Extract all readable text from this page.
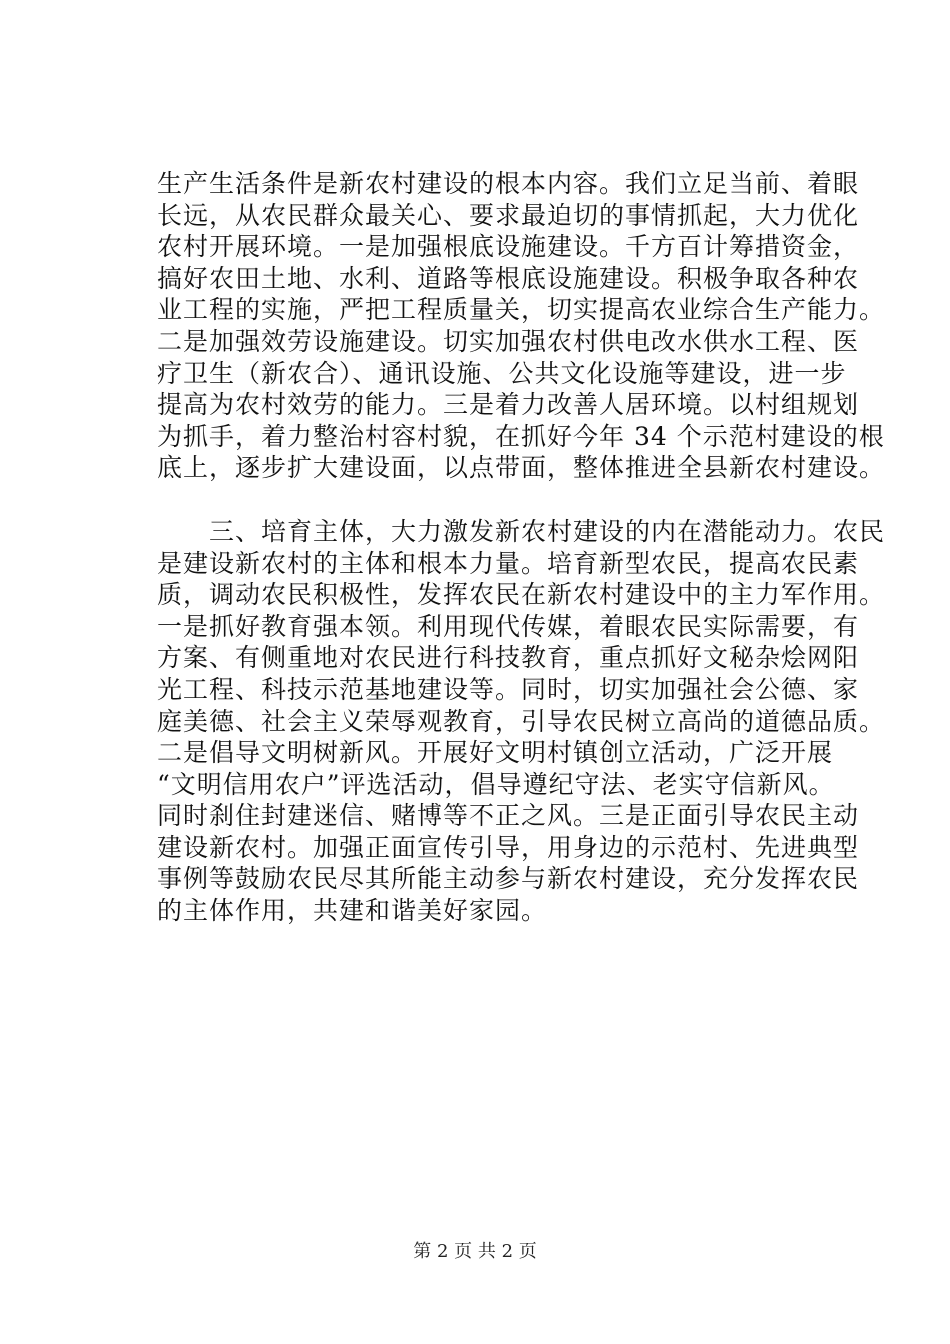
生产生活条件是新农村建设的根本内容。我们立足当前、着眼
长远，从农民群众最关心、要求最迫切的事情抓起，大力优化
农村开展环境。一是加强根底设施建设。千方百计筹措资金，
搞好农田土地、水利、道路等根底设施建设。积极争取各种农
业工程的实施，严把工程质量关，切实提高农业综合生产能力。
二是加强效劳设施建设。切实加强农村供电改水供水工程、医
疗卫生（新农合）、通讯设施、公共文化设施等建设，进一步
提高为农村效劳的能力。三是着力改善人居环境。以村组规划
为抓手，着力整治村容村貌，在抓好今年 34 个示范村建设的根
底上，逐步扩大建设面，以点带面，整体推进全县新农村建设。
　　三、培育主体，大力激发新农村建设的内在潜能动力。农民
是建设新农村的主体和根本力量。培育新型农民，提高农民素
质，调动农民积极性，发挥农民在新农村建设中的主力军作用。
一是抓好教育强本领。利用现代传媒，着眼农民实际需要，有
方案、有侧重地对农民进行科技教育，重点抓好文秘杂烩网阳
光工程、科技示范基地建设等。同时，切实加强社会公德、家
庭美德、社会主义荣辱观教育，引导农民树立高尚的道德品质。
二是倡导文明树新风。开展好文明村镇创立活动，广泛开展
“文明信用农户”评选活动，倡导遵纪守法、老实守信新风。
同时刹住封建迷信、赌博等不正之风。三是正面引导农民主动
建设新农村。加强正面宣传引导，用身边的示范村、先进典型
事例等鼓励农民尽其所能主动参与新农村建设，充分发挥农民
的主体作用，共建和谐美好家园。
第 2 页 共 2 页
